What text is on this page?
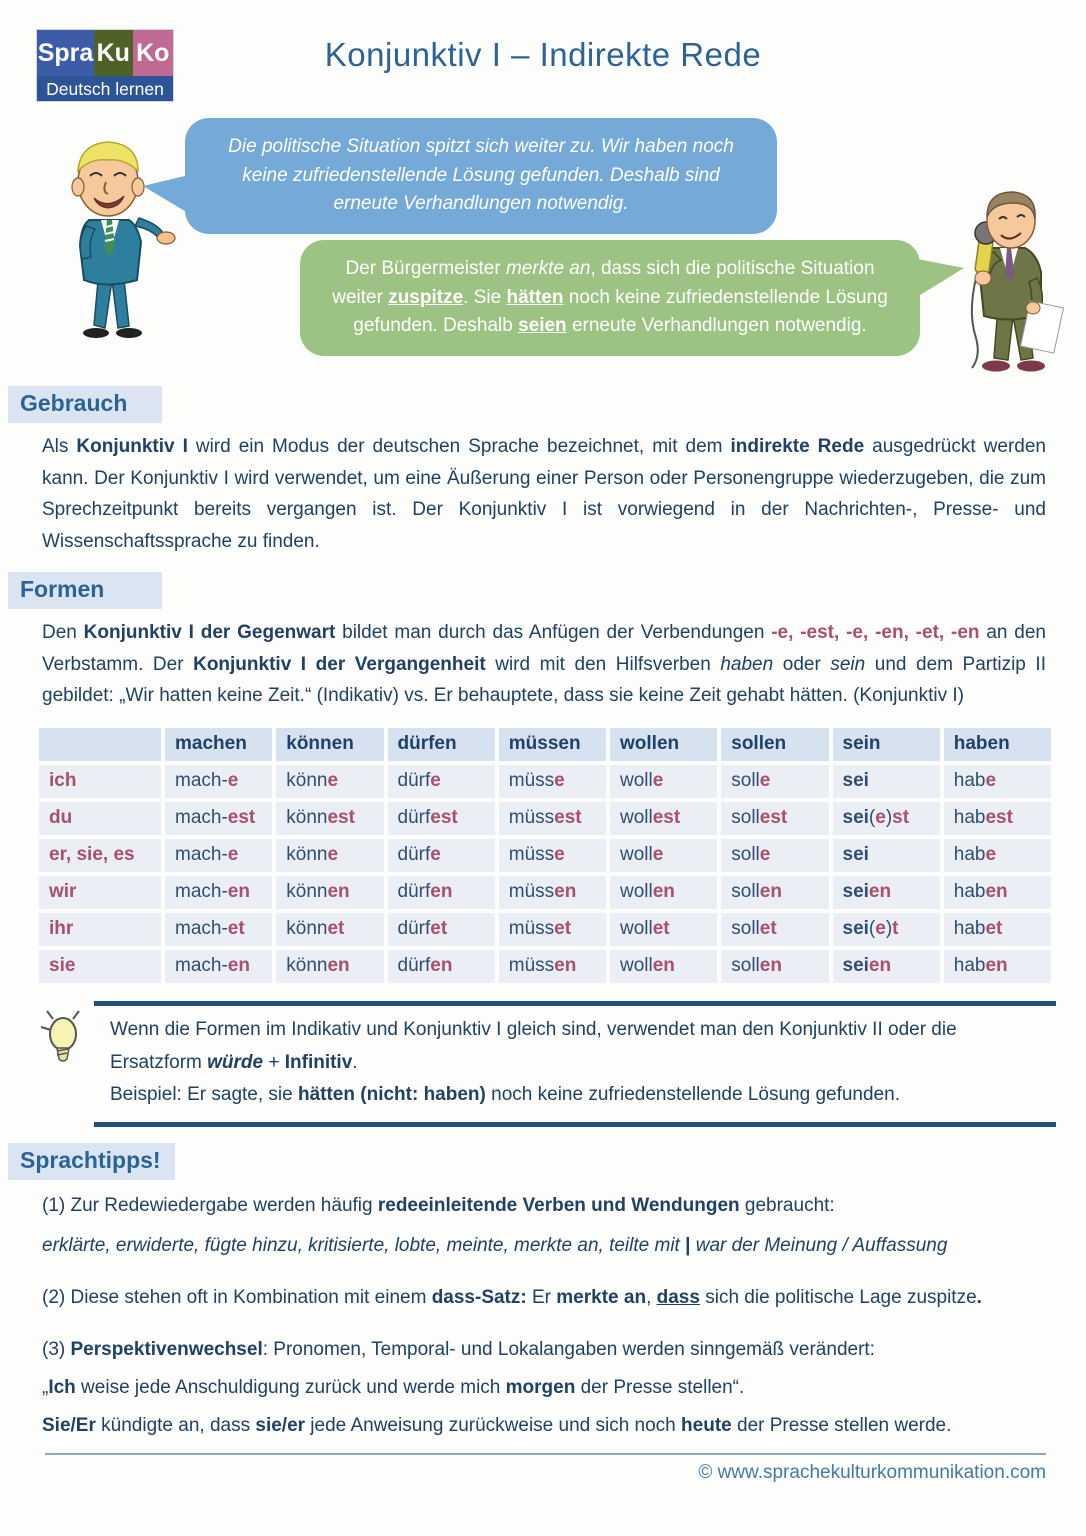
Spra Ku Ko
Deutsch lernen
Konjunktiv I – Indirekte Rede
Die politische Situation spitzt sich weiter zu. Wir haben noch keine zufriedenstellende Lösung gefunden. Deshalb sind erneute Verhandlungen notwendig.
Der Bürgermeister merkte an, dass sich die politische Situation weiter zuspitze. Sie hätten noch keine zufriedenstellende Lösung gefunden. Deshalb seien erneute Verhandlungen notwendig.
Gebrauch

Als Konjunktiv I wird ein Modus der deutschen Sprache bezeichnet, mit dem indirekte Rede ausgedrückt werden kann. Der Konjunktiv I wird verwendet, um eine Äußerung einer Person oder Personengruppe wiederzugeben, die zum Sprechzeitpunkt bereits vergangen ist. Der Konjunktiv I ist vorwiegend in der Nachrichten-, Presse- und Wissenschaftssprache zu finden.

Formen

Den Konjunktiv I der Gegenwart bildet man durch das Anfügen der Verbendungen -e, -est, -e, -en, -et, -en an den Verbstamm. Der Konjunktiv I der Vergangenheit wird mit den Hilfsverben haben oder sein und dem Partizip II gebildet: „Wir hatten keine Zeit.“ (Indikativ) vs. Er behauptete, dass sie keine Zeit gehabt hätten. (Konjunktiv I)

	machen	können	dürfen	müssen	wollen	sollen	sein	haben
ich	mach-e	könne	dürfe	müsse	wolle	solle	sei	habe
du	mach-est	könnest	dürfest	müssest	wollest	sollest	sei(e)st	habest
er, sie, es	mach-e	könne	dürfe	müsse	wolle	solle	sei	habe
wir	mach-en	können	dürfen	müssen	wollen	sollen	seien	haben
ihr	mach-et	könnet	dürfet	müsset	wollet	sollet	sei(e)t	habet
sie	mach-en	können	dürfen	müssen	wollen	sollen	seien	haben

Wenn die Formen im Indikativ und Konjunktiv I gleich sind, verwendet man den Konjunktiv II oder die Ersatzform würde + Infinitiv.

Beispiel: Er sagte, sie hätten (nicht: haben) noch keine zufriedenstellende Lösung gefunden.

Sprachtipps!

(1) Zur Redewiedergabe werden häufig redeeinleitende Verben und Wendungen gebraucht:

erklärte, erwiderte, fügte hinzu, kritisierte, lobte, meinte, merkte an, teilte mit | war der Meinung / Auffassung

(2) Diese stehen oft in Kombination mit einem dass-Satz: Er merkte an, dass sich die politische Lage zuspitze.

(3) Perspektivenwechsel: Pronomen, Temporal- und Lokalangaben werden sinngemäß verändert:

„Ich weise jede Anschuldigung zurück und werde mich morgen der Presse stellen“.

Sie/Er kündigte an, dass sie/er jede Anweisung zurückweise und sich noch heute der Presse stellen werde.

© www.sprachekulturkommunikation.com
